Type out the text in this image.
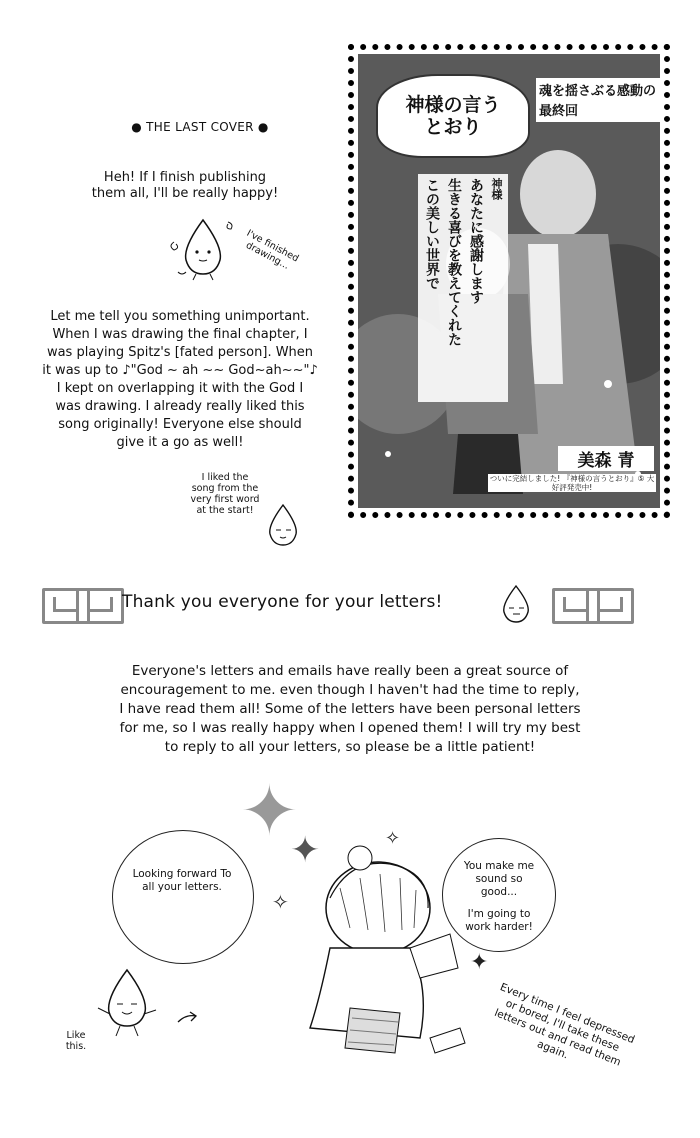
神様の言うとおり
魂を揺さぶる感動の最終回
この美しい世界で 生きる喜びを教えてくれた あなたに感謝します 神様
美森 青
ついに完結しました! 『神様の言うとおり』⑤ 大好評発売中!
● THE LAST COVER ●
Heh! If I finish publishing
them all, I'll be really happy!
I've finished drawing...
Let me tell you something unimportant.
When I was drawing the final chapter, I
was playing Spitz's [fated person]. When
it was up to ♪"God ~ ah ~~ God~ah~~"♪
I kept on overlapping it with the God I
was drawing. I already really liked this
song originally! Everyone else should
give it a go as well!
I liked the song from the very first word at the start!
Thank you everyone for your letters!
Everyone's letters and emails have really been a great source of
encouragement to me. even though I haven't had the time to reply,
I have read them all! Some of the letters have been personal letters
for me, so I was really happy when I opened them! I will try my best
to reply to all your letters, so please be a little patient!
✦
✦
✧
✧
✦
Looking forward To all your letters.
Like this.
You make me sound so good...
I'm going to work harder!
Every time I feel depressed or bored, I'll take these letters out and read them again.
